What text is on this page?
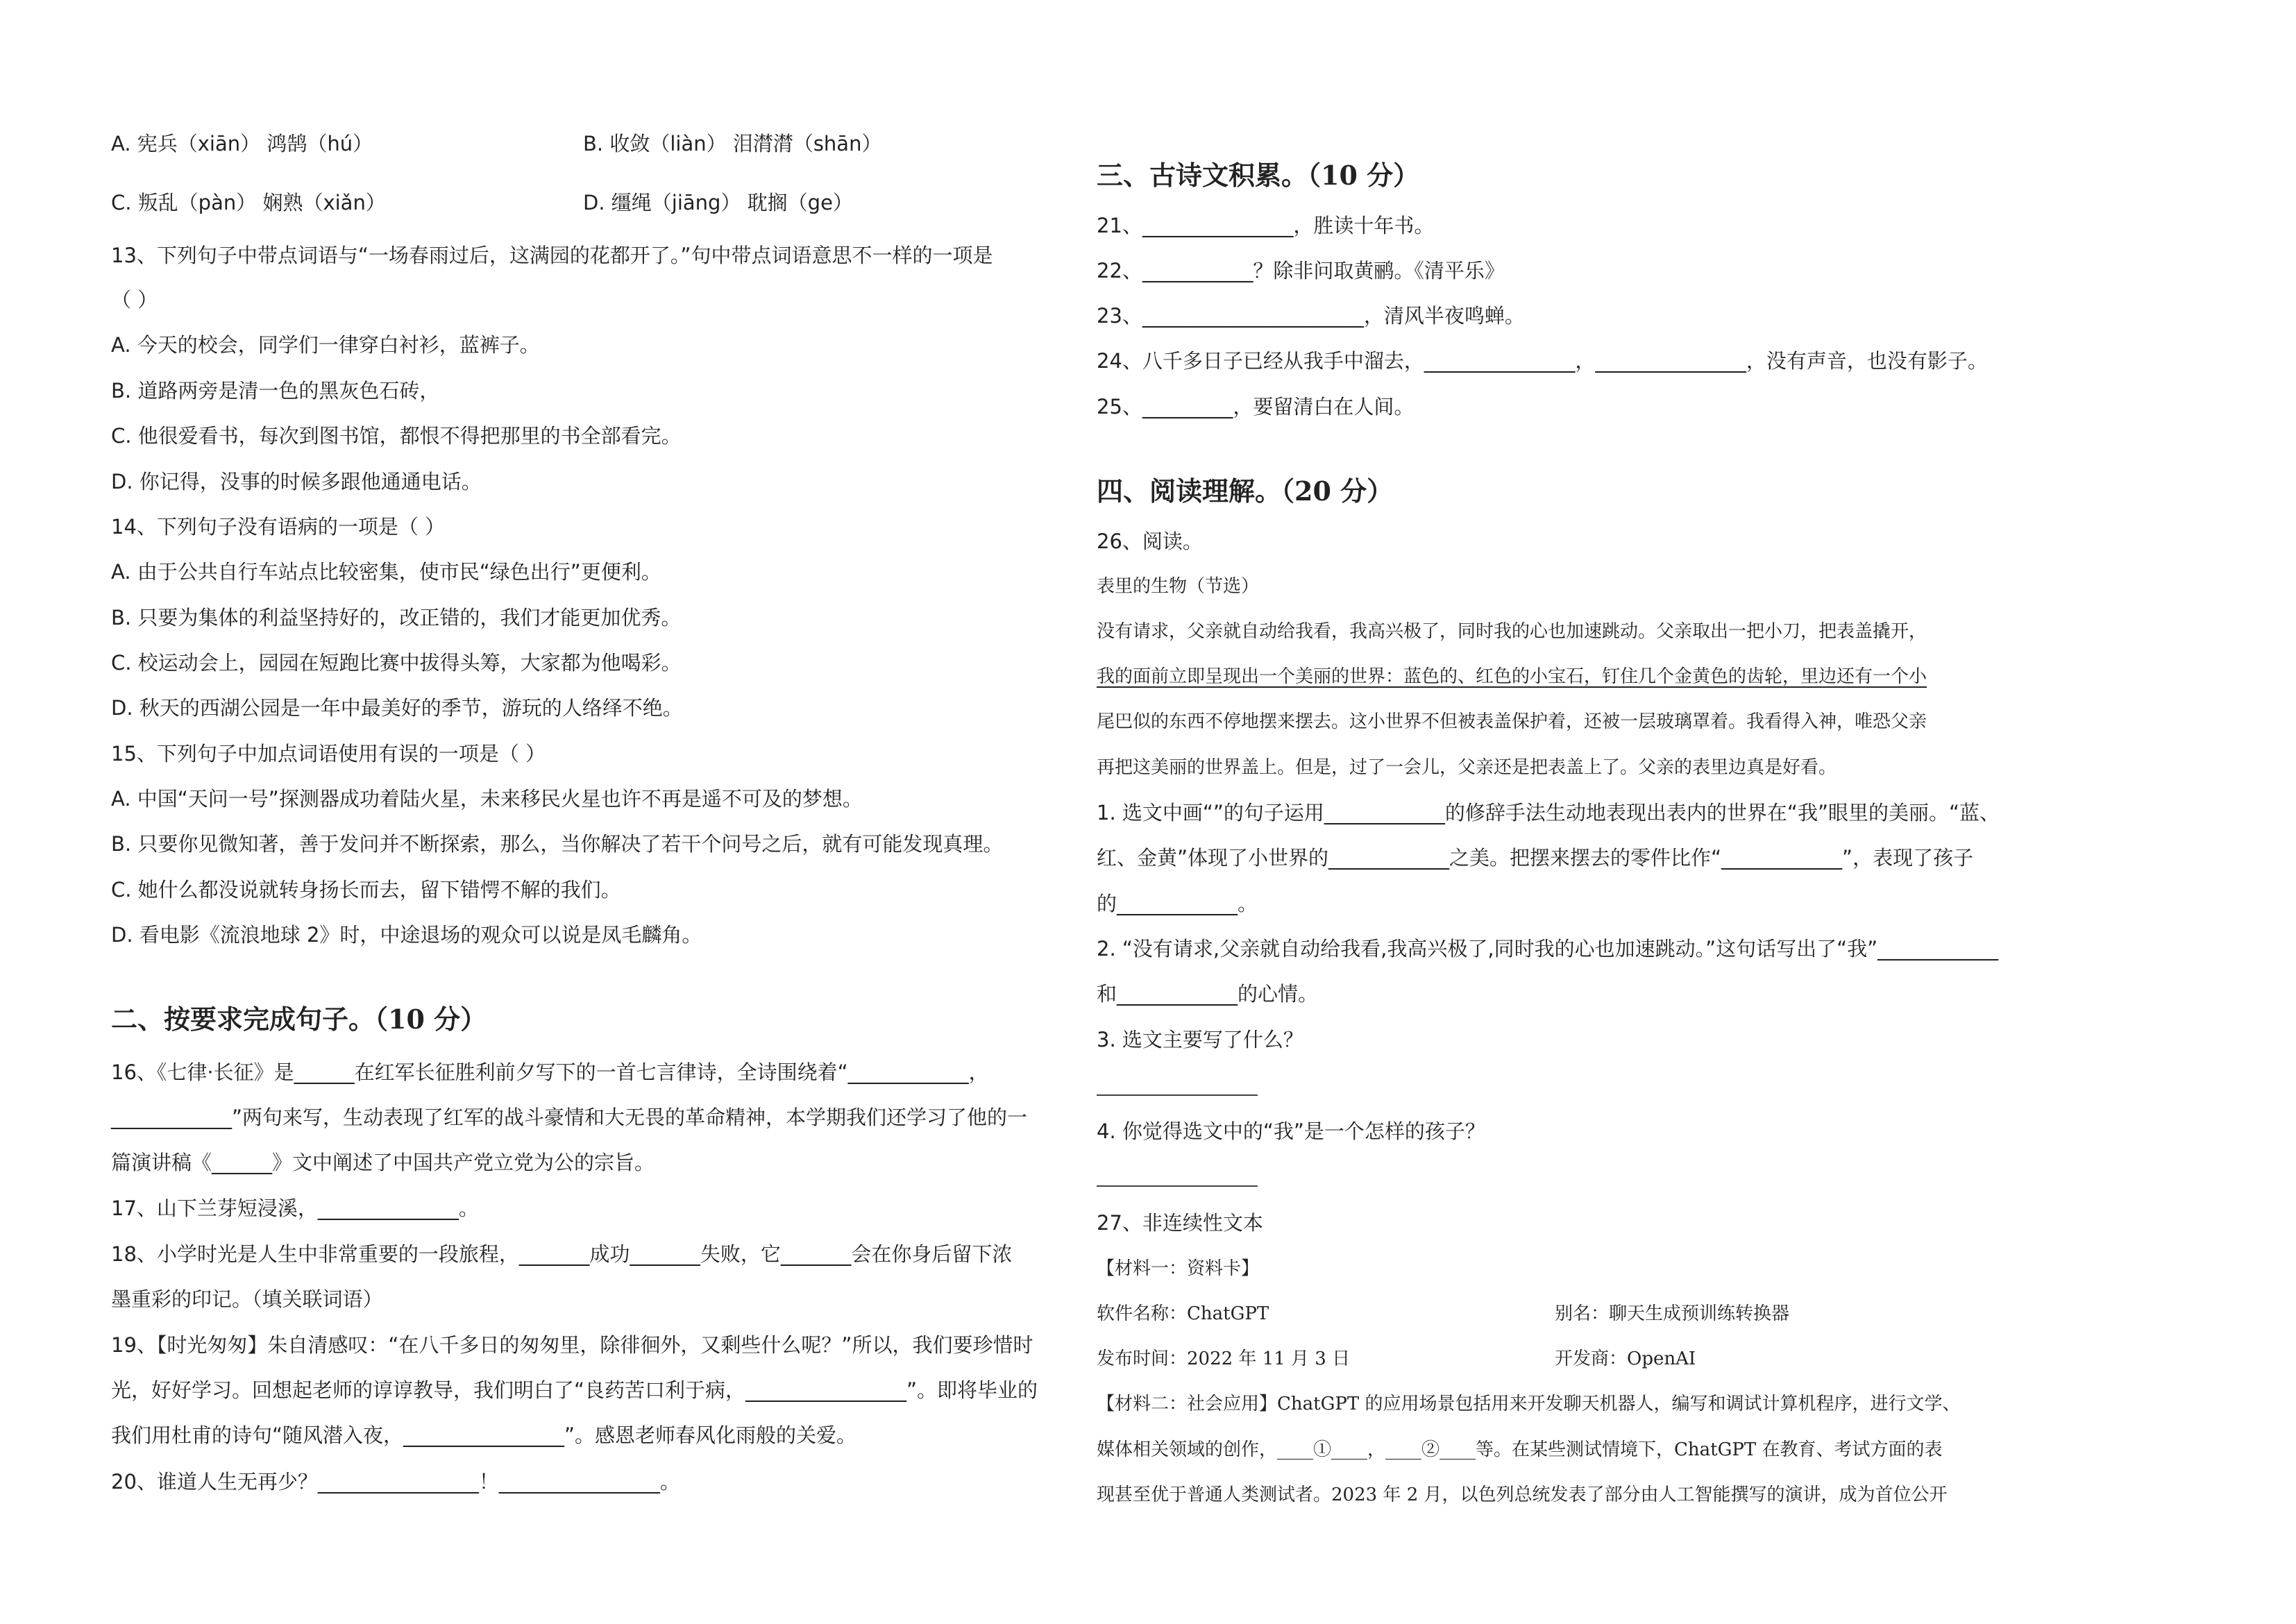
A. 宪兵（xiān） 鸿鹄（hú）	B. 收敛（liàn） 泪潸潸（shān）
C. 叛乱（pàn） 娴熟（xiǎn）	D. 缰绳（jiāng） 耽搁（ge）
13、下列句子中带点词语与“一场春雨过后，这满园的花都开了。”句中带点词语意思不一样的一项是
（ ）
A. 今天的校会，同学们一律穿白衬衫，蓝裤子。
B. 道路两旁是清一色的黑灰色石砖，
C. 他很爱看书，每次到图书馆，都恨不得把那里的书全部看完。
D. 你记得，没事的时候多跟他通通电话。
14、下列句子没有语病的一项是（ ）
A. 由于公共自行车站点比较密集，使市民“绿色出行”更便利。
B. 只要为集体的利益坚持好的，改正错的，我们才能更加优秀。
C. 校运动会上，园园在短跑比赛中拔得头筹，大家都为他喝彩。
D. 秋天的西湖公园是一年中最美好的季节，游玩的人络绎不绝。
15、下列句子中加点词语使用有误的一项是（ ）
A. 中国“天问一号”探测器成功着陆火星，未来移民火星也许不再是遥不可及的梦想。
B. 只要你见微知著，善于发问并不断探索，那么，当你解决了若干个问号之后，就有可能发现真理。
C. 她什么都没说就转身扬长而去，留下错愕不解的我们。
D. 看电影《流浪地球 2》时，中途退场的观众可以说是凤毛麟角。
二、按要求完成句子。（10 分）
16、《七律·长征》是______在红军长征胜利前夕写下的一首七言律诗，全诗围绕着“____________，
____________”两句来写，生动表现了红军的战斗豪情和大无畏的革命精神，本学期我们还学习了他的一
篇演讲稿《______》文中阐述了中国共产党立党为公的宗旨。
17、山下兰芽短浸溪，______________。
18、小学时光是人生中非常重要的一段旅程，_______成功_______失败，它_______会在你身后留下浓
墨重彩的印记。（填关联词语）
19、【时光匆匆】朱自清感叹：“在八千多日的匆匆里，除徘徊外，又剩些什么呢？”所以，我们要珍惜时
光，好好学习。回想起老师的谆谆教导，我们明白了“良药苦口利于病，________________”。即将毕业的
我们用杜甫的诗句“随风潜入夜，________________”。感恩老师春风化雨般的关爱。
20、谁道人生无再少？________________！________________。
三、古诗文积累。（10 分）
21、_______________，胜读十年书。
22、___________？除非问取黄鹂。《清平乐》
23、______________________，清风半夜鸣蝉。
24、八千多日子已经从我手中溜去，_______________，_______________，没有声音，也没有影子。
25、_________，要留清白在人间。
四、阅读理解。（20 分）
26、阅读。
表里的生物（节选）
没有请求，父亲就自动给我看，我高兴极了，同时我的心也加速跳动。父亲取出一把小刀，把表盖撬开，
我的面前立即呈现出一个美丽的世界：蓝色的、红色的小宝石，钉住几个金黄色的齿轮，里边还有一个小
尾巴似的东西不停地摆来摆去。这小世界不但被表盖保护着，还被一层玻璃罩着。我看得入神，唯恐父亲
再把这美丽的世界盖上。但是，过了一会儿，父亲还是把表盖上了。父亲的表里边真是好看。
1. 选文中画“”的句子运用____________的修辞手法生动地表现出表内的世界在“我”眼里的美丽。“蓝、
红、金黄”体现了小世界的____________之美。把摆来摆去的零件比作“____________”，表现了孩子
的____________。
2. “没有请求,父亲就自动给我看,我高兴极了,同时我的心也加速跳动。”这句话写出了“我”____________
和____________的心情。
3. 选文主要写了什么？
4. 你觉得选文中的“我”是一个怎样的孩子？
27、非连续性文本
【材料一：资料卡】
软件名称：ChatGPT	别名：聊天生成预训练转换器
发布时间：2022 年 11 月 3 日	开发商：OpenAI
【材料二：社会应用】ChatGPT 的应用场景包括用来开发聊天机器人，编写和调试计算机程序，进行文学、
媒体相关领域的创作，____①____，____②____等。在某些测试情境下，ChatGPT 在教育、考试方面的表
现甚至优于普通人类测试者。2023 年 2 月，以色列总统发表了部分由人工智能撰写的演讲，成为首位公开
